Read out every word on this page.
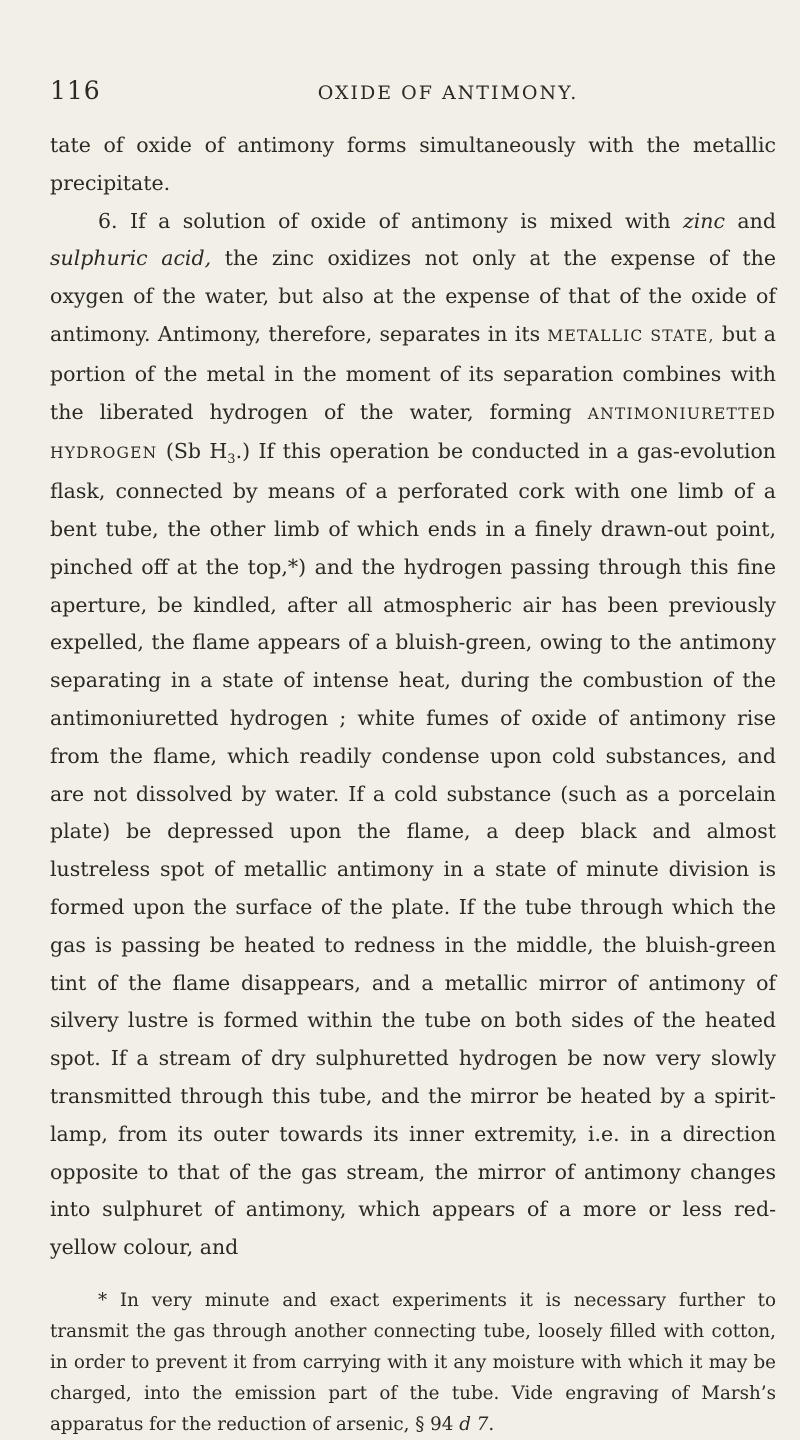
116	OXIDE OF ANTIMONY.

tate of oxide of antimony forms simultaneously with the metallic precipitate.

6. If a solution of oxide of antimony is mixed with zinc and sulphuric acid, the zinc oxidizes not only at the expense of the oxygen of the water, but also at the expense of that of the oxide of antimony. Antimony, therefore, separates in its METALLIC STATE, but a portion of the metal in the moment of its separation combines with the liberated hydrogen of the water, forming ANTIMONIURETTED HYDROGEN (Sb $H_3$.) If this operation be conducted in a gas-evolution flask, connected by means of a perforated cork with one limb of a bent tube, the other limb of which ends in a finely drawn-out point, pinched off at the top,*) and the hydrogen passing through this fine aperture, be kindled, after all atmospheric air has been previously expelled, the flame appears of a bluish-green, owing to the antimony separating in a state of intense heat, during the combustion of the antimoniuretted hydrogen ; white fumes of oxide of antimony rise from the flame, which readily condense upon cold substances, and are not dissolved by water. If a cold substance (such as a porcelain plate) be depressed upon the flame, a deep black and almost lustreless spot of metallic antimony in a state of minute division is formed upon the surface of the plate. If the tube through which the gas is passing be heated to redness in the middle, the bluish-green tint of the flame disappears, and a metallic mirror of antimony of silvery lustre is formed within the tube on both sides of the heated spot. If a stream of dry sulphuretted hydrogen be now very slowly transmitted through this tube, and the mirror be heated by a spirit-lamp, from its outer towards its inner extremity, i.e. in a direction opposite to that of the gas stream, the mirror of antimony changes into sulphuret of antimony, which appears of a more or less red-yellow colour, and

* In very minute and exact experiments it is necessary further to transmit the gas through another connecting tube, loosely filled with cotton, in order to prevent it from carrying with it any moisture with which it may be charged, into the emission part of the tube. Vide engraving of Marsh’s apparatus for the reduction of arsenic, § 94 d 7.
